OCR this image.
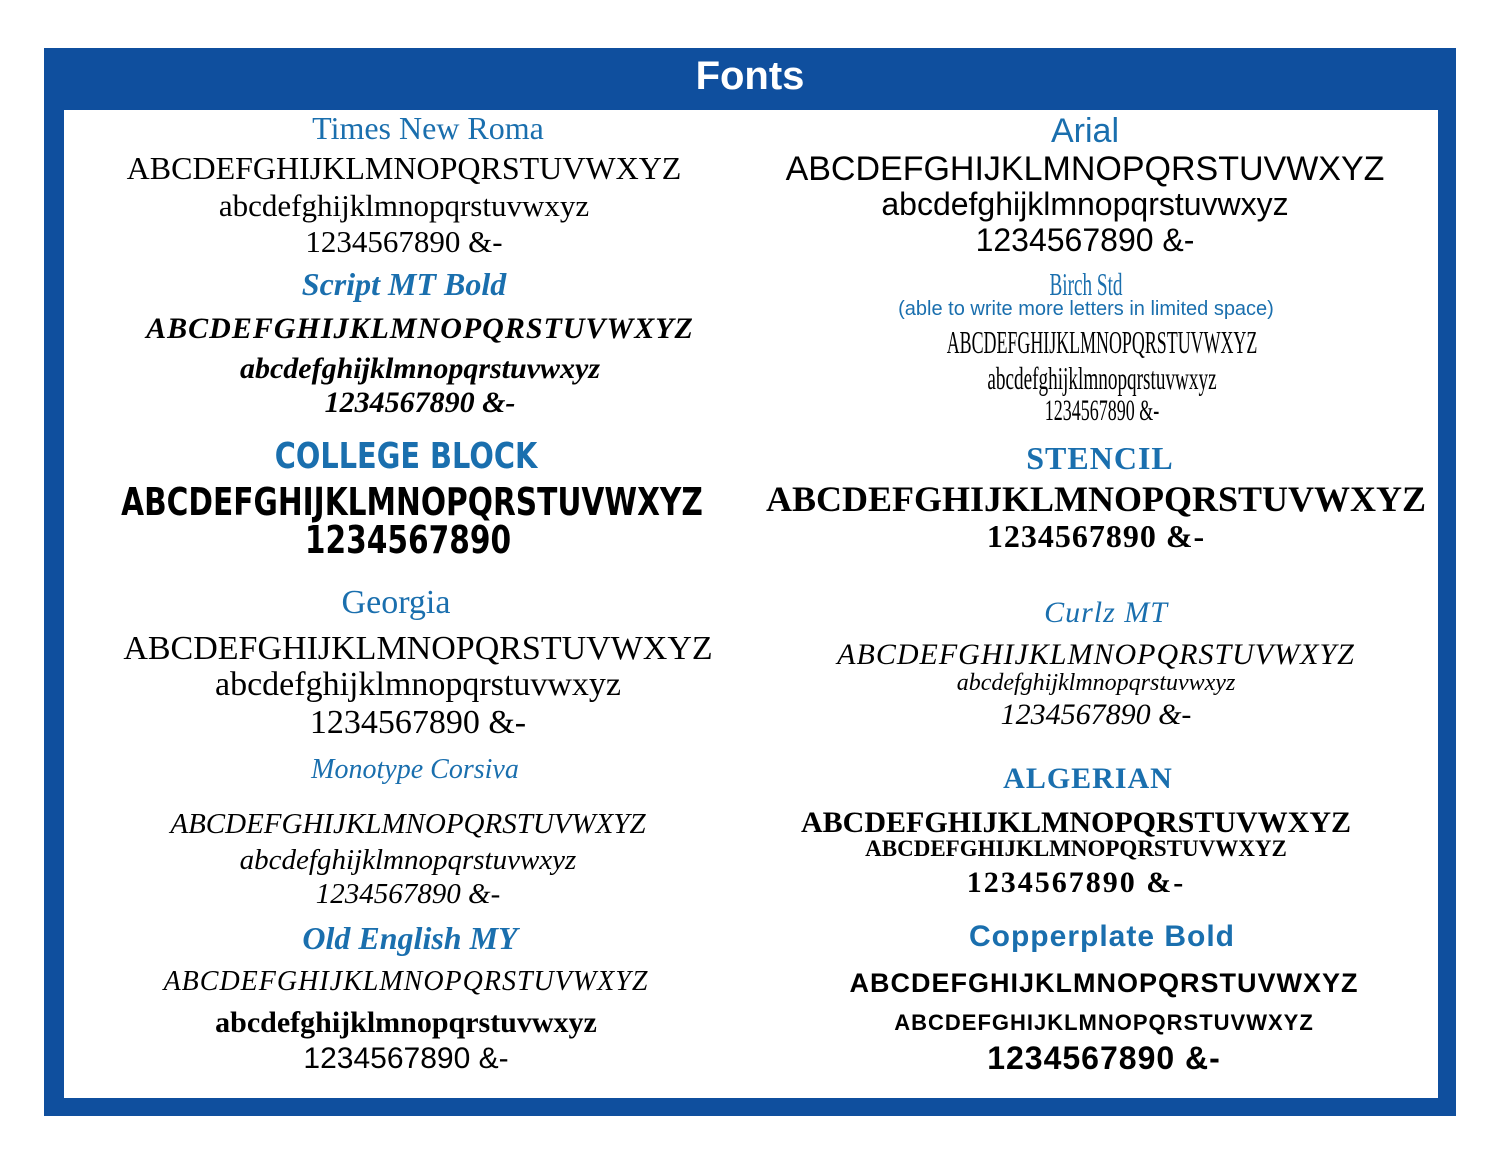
Fonts
Times New Roma
ABCDEFGHIJKLMNOPQRSTUVWXYZ
abcdefghijklmnopqrstuvwxyz
1234567890 &-
Script MT Bold
ABCDEFGHIJKLMNOPQRSTUVWXYZ
abcdefghijklmnopqrstuvwxyz
1234567890 &-
COLLEGE BLOCK
ABCDEFGHIJKLMNOPQRSTUVWXYZ
1234567890
Georgia
ABCDEFGHIJKLMNOPQRSTUVWXYZ
abcdefghijklmnopqrstuvwxyz
1234567890 &-
Monotype Corsiva
ABCDEFGHIJKLMNOPQRSTUVWXYZ
abcdefghijklmnopqrstuvwxyz
1234567890 &-
Old English MY
ABCDEFGHIJKLMNOPQRSTUVWXYZ
abcdefghijklmnopqrstuvwxyz
1234567890 &-
Arial
ABCDEFGHIJKLMNOPQRSTUVWXYZ
abcdefghijklmnopqrstuvwxyz
1234567890 &-
Birch Std
(able to write more letters in limited space)
ABCDEFGHIJKLMNOPQRSTUVWXYZ
abcdefghijklmnopqrstuvwxyz
1234567890 &-
STENCIL
ABCDEFGHIJKLMNOPQRSTUVWXYZ
1234567890 &-
Curlz MT
ABCDEFGHIJKLMNOPQRSTUVWXYZ
abcdefghijklmnopqrstuvwxyz
1234567890 &-
ALGERIAN
ABCDEFGHIJKLMNOPQRSTUVWXYZ
ABCDEFGHIJKLMNOPQRSTUVWXYZ
1234567890 &-
Copperplate Bold
ABCDEFGHIJKLMNOPQRSTUVWXYZ
ABCDEFGHIJKLMNOPQRSTUVWXYZ
1234567890 &-
